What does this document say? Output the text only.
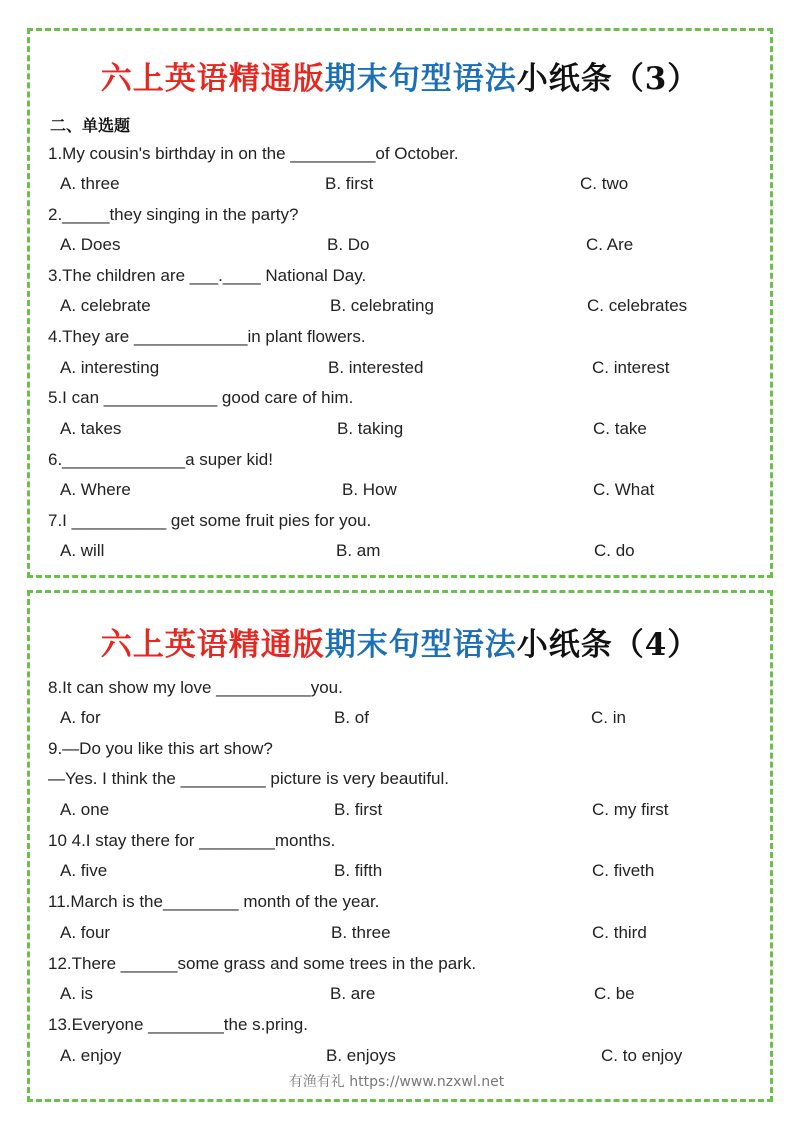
六上英语精通版期末句型语法小纸条（3）
二、单选题
1.My cousin's birthday in on the _________of October.
A. three	B. first	C. two
2._____they singing in the party?
A. Does	B. Do	C. Are
3.The children are ___.____ National Day.
A. celebrate	B. celebrating	C. celebrates
4.They are ____________in plant flowers.
A. interesting	B. interested	C. interest
5.I can ____________ good care of him.
A. takes	B. taking	C. take
6._____________a super kid!
A. Where	B. How	C. What
7.I __________ get some fruit pies for you.
A. will	B. am	C. do
六上英语精通版期末句型语法小纸条（4）
8.It can show my love __________you.
A. for	B. of	C. in
9.—Do you like this art show?
—Yes. I think the _________ picture is very beautiful.
A. one	B. first	C. my first
10 4.I stay there for ________months.
A. five	B. fifth	C. fiveth
11.March is the________ month of the year.
A. four	B. three	C. third
12.There ______some grass and some trees in the park.
A. is	B. are	C. be
13.Everyone ________the s.pring.
A. enjoy	B. enjoys	C. to enjoy
有渔有礼 https://www.nzxwl.net
